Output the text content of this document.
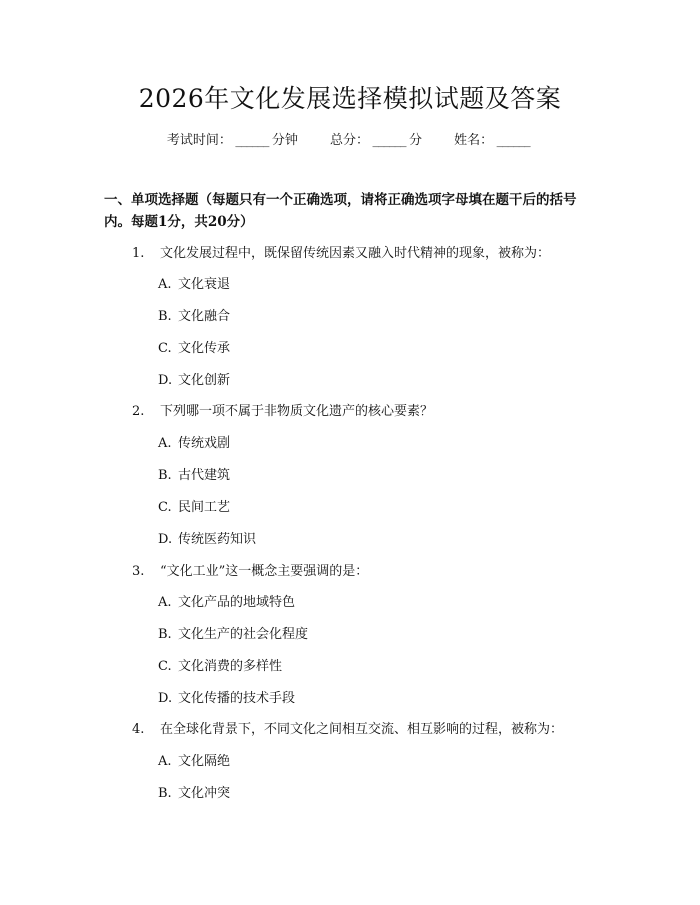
2026年文化发展选择模拟试题及答案
考试时间： ______ 分钟 总分： ______ 分 姓名： ______
一、单项选择题（每题只有一个正确选项，请将正确选项字母填在题干后的括号内。每题1分，共20分）
1. 文化发展过程中，既保留传统因素又融入时代精神的现象，被称为：
A. 文化衰退
B. 文化融合
C. 文化传承
D. 文化创新
2. 下列哪一项不属于非物质文化遗产的核心要素？
A. 传统戏剧
B. 古代建筑
C. 民间工艺
D. 传统医药知识
3. “文化工业”这一概念主要强调的是：
A. 文化产品的地域特色
B. 文化生产的社会化程度
C. 文化消费的多样性
D. 文化传播的技术手段
4. 在全球化背景下，不同文化之间相互交流、相互影响的过程，被称为：
A. 文化隔绝
B. 文化冲突
